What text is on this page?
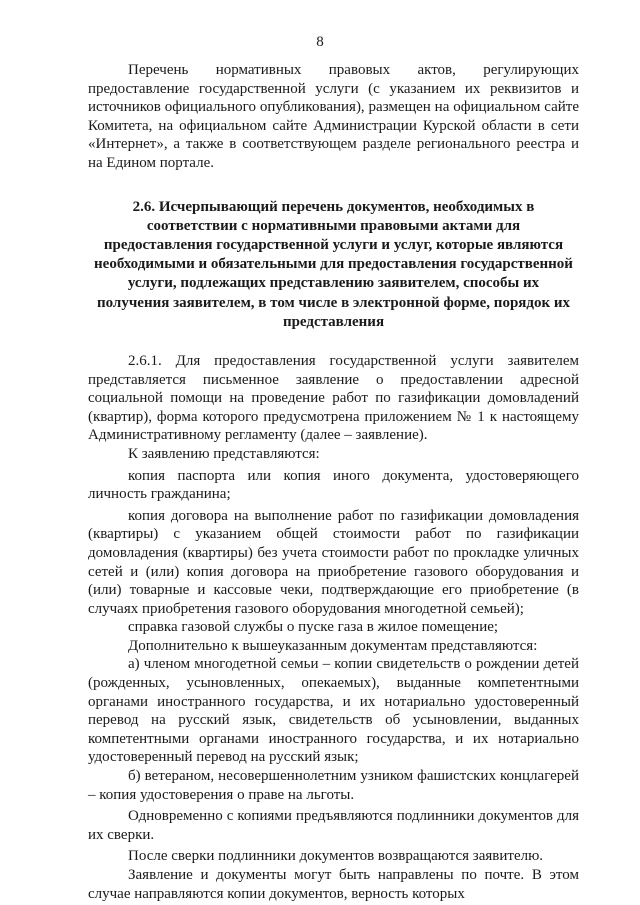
8

Перечень нормативных правовых актов, регулирующих предоставление государственной услуги (с указанием их реквизитов и источников официального опубликования), размещен на официальном сайте Комитета, на официальном сайте Администрации Курской области в сети «Интернет», а также в соответствующем разделе регионального реестра и на Едином портале.

2.6. Исчерпывающий перечень документов, необходимых в соответствии с нормативными правовыми актами для предоставления государственной услуги и услуг, которые являются необходимыми и обязательными для предоставления государственной услуги, подлежащих представлению заявителем, способы их получения заявителем, в том числе в электронной форме, порядок их представления

2.6.1. Для предоставления государственной услуги заявителем представляется письменное заявление о предоставлении адресной социальной помощи на проведение работ по газификации домовладений (квартир), форма которого предусмотрена приложением № 1 к настоящему Административному регламенту (далее – заявление).

К заявлению представляются:

копия паспорта или копия иного документа, удостоверяющего личность гражданина;

копия договора на выполнение работ по газификации домовладения (квартиры) с указанием общей стоимости работ по газификации домовладения (квартиры) без учета стоимости работ по прокладке уличных сетей и (или) копия договора на приобретение газового оборудования и (или) товарные и кассовые чеки, подтверждающие его приобретение (в случаях приобретения газового оборудования многодетной семьей);

справка газовой службы о пуске газа в жилое помещение;

Дополнительно к вышеуказанным документам представляются:

а) членом многодетной семьи – копии свидетельств о рождении детей (рожденных, усыновленных, опекаемых), выданные компетентными органами иностранного государства, и их нотариально удостоверенный перевод на русский язык, свидетельств об усыновлении, выданных компетентными органами иностранного государства, и их нотариально удостоверенный перевод на русский язык;

б) ветераном, несовершеннолетним узником фашистских концлагерей – копия удостоверения о праве на льготы.

Одновременно с копиями предъявляются подлинники документов для их сверки.

После сверки подлинники документов возвращаются заявителю.

Заявление и документы могут быть направлены по почте. В этом случае направляются копии документов, верность которых
